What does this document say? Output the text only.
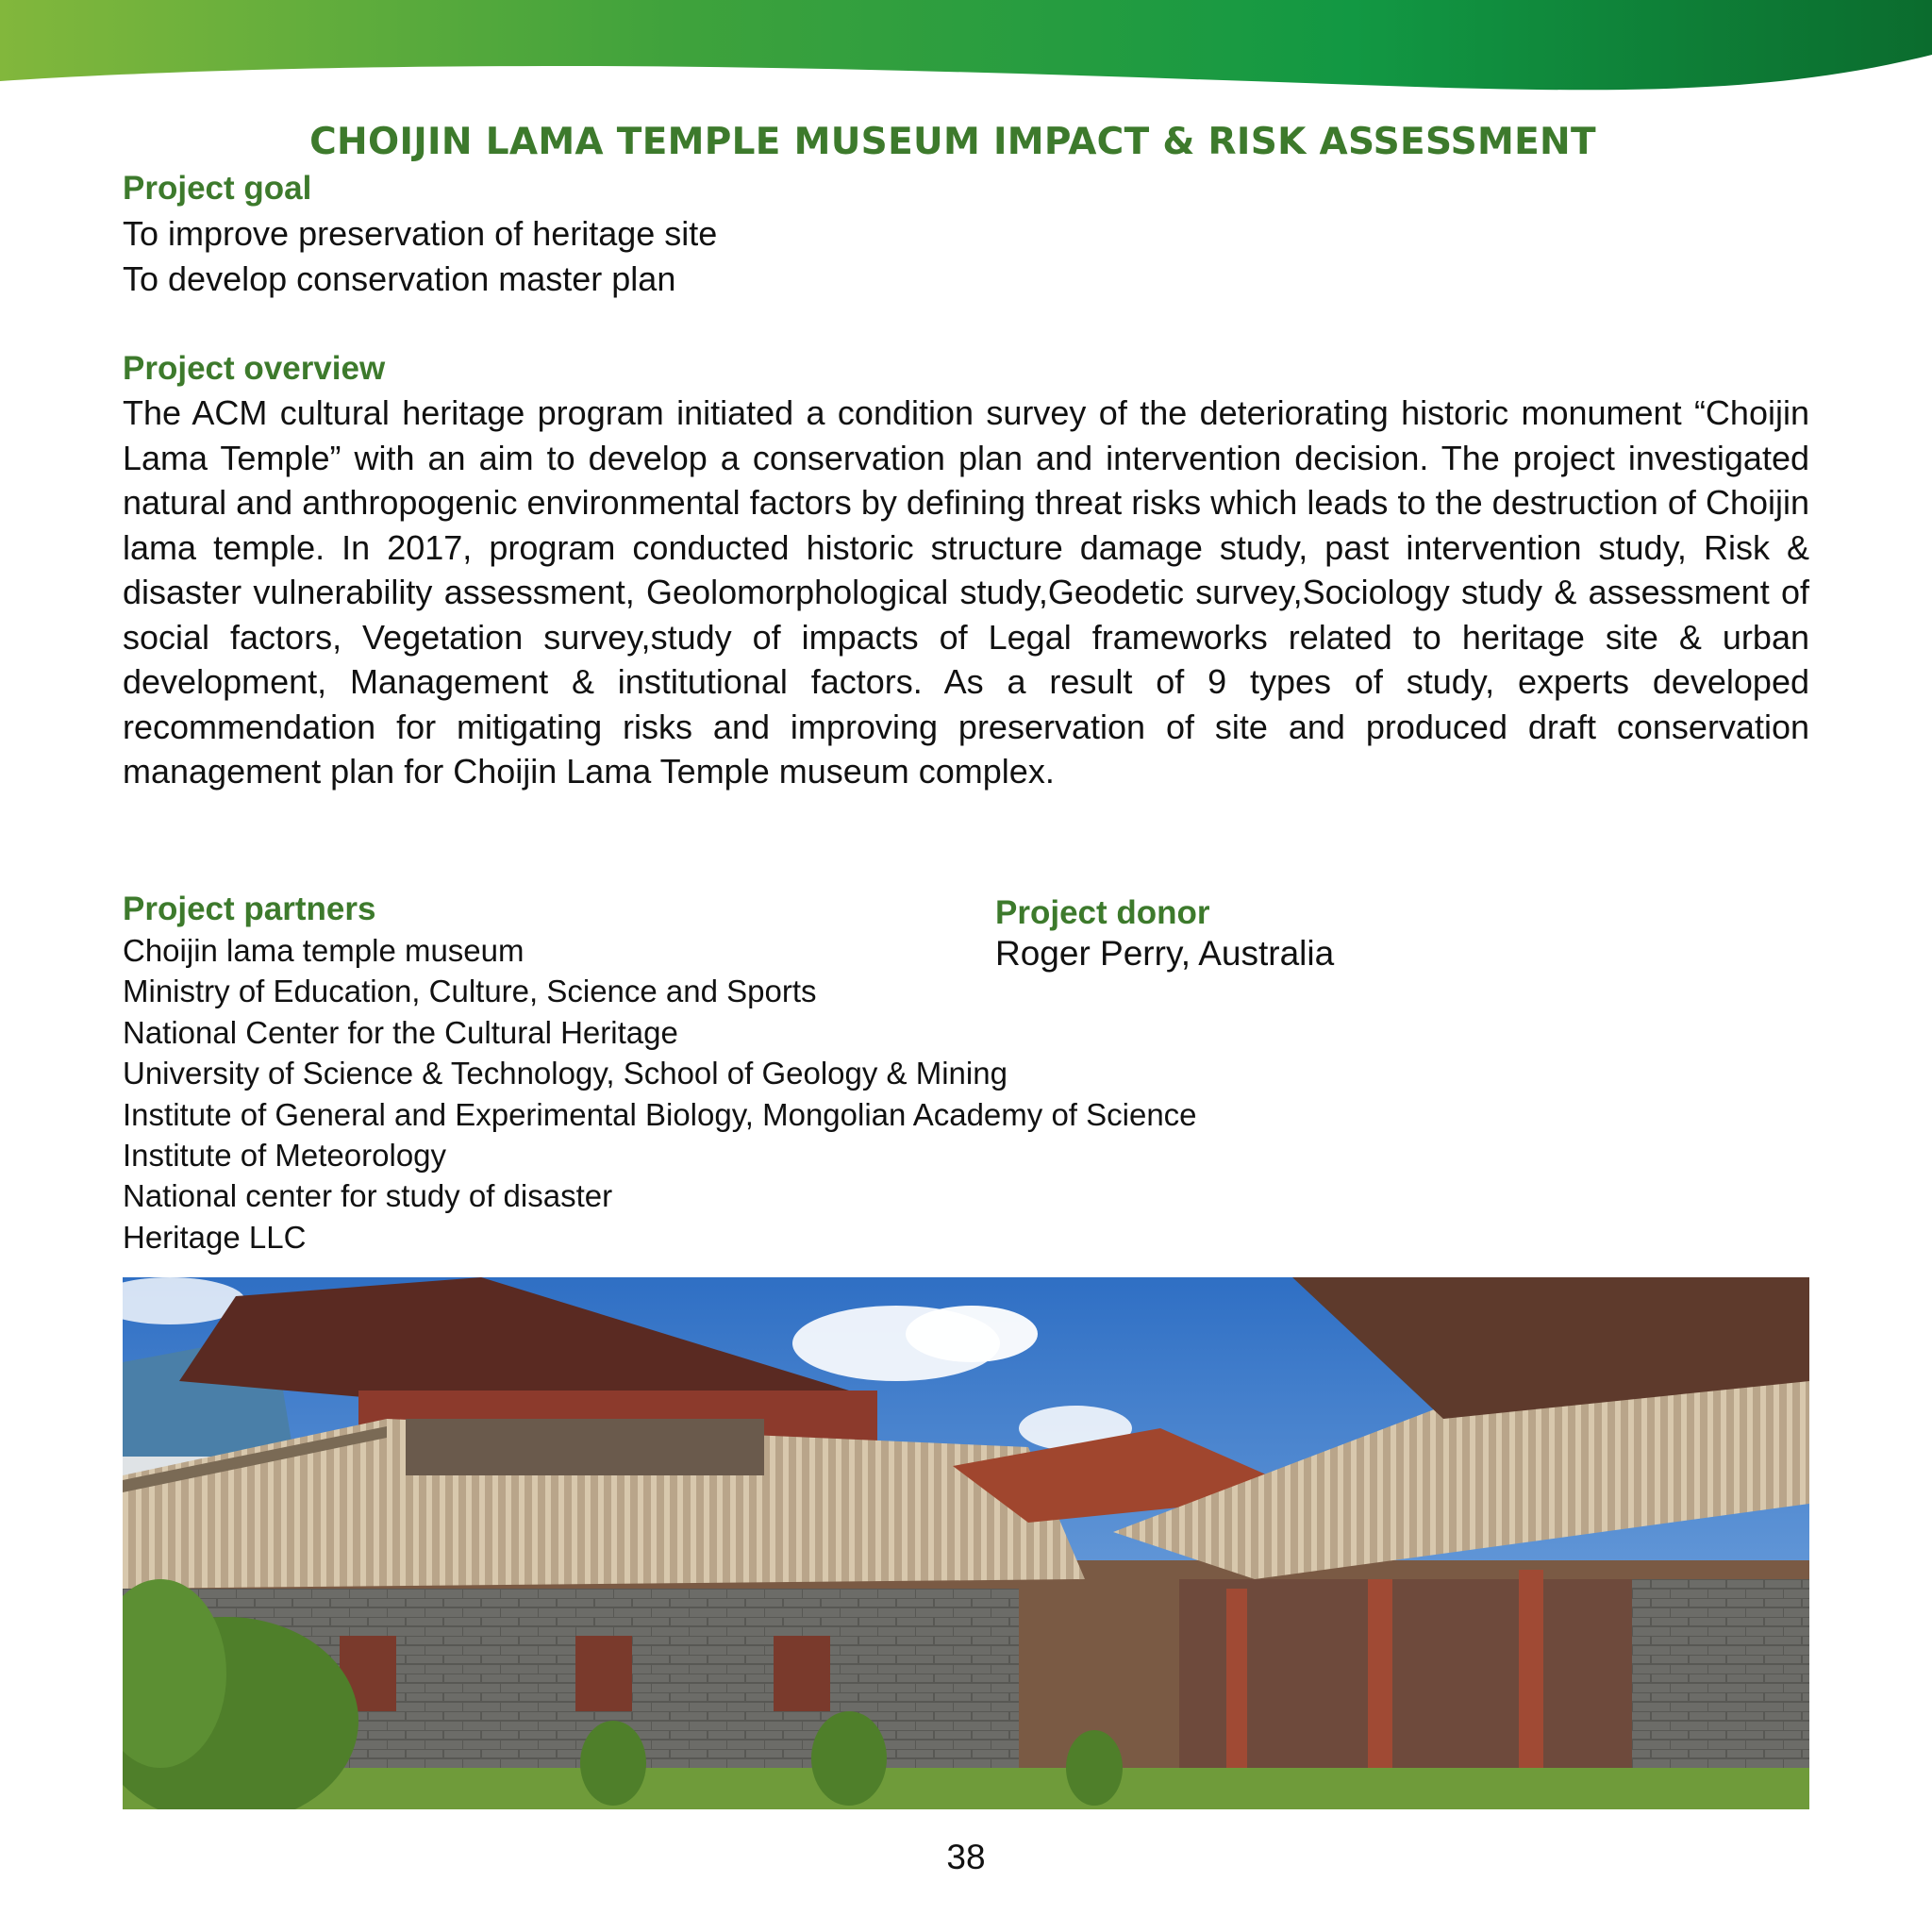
CHOIJIN LAMA TEMPLE MUSEUM IMPACT & RISK ASSESSMENT
Project goal

To improve preservation of heritage site

To develop conservation master plan

Project overview

The ACM cultural heritage program initiated a condition survey of the deteriorating historic monument “Choijin Lama Temple” with an aim to develop a conservation plan and intervention decision. The project investigated natural and anthropogenic environmental factors by defining threat risks which leads to the destruction of Choijin lama temple. In 2017, program conducted historic structure damage study, past intervention study, Risk & disaster vulnerability assessment, Geolomorphological study,Geodetic survey,Sociology study & assessment of social factors, Vegetation survey,study of impacts of Legal frameworks related to heritage site & urban development, Management & institutional factors. As a result of 9 types of study, experts developed recommendation for mitigating risks and improving preservation of site and produced draft conservation management plan for Choijin Lama Temple museum complex.

Project partners
Choijin lama temple museum
Ministry of Education, Culture, Science and Sports
National Center for the Cultural Heritage
University of Science & Technology, School of Geology & Mining
Institute of General and Experimental Biology, Mongolian Academy of Science
Institute of Meteorology
National center for study of disaster
Heritage LLC
Project donor

Roger Perry, Australia

38
